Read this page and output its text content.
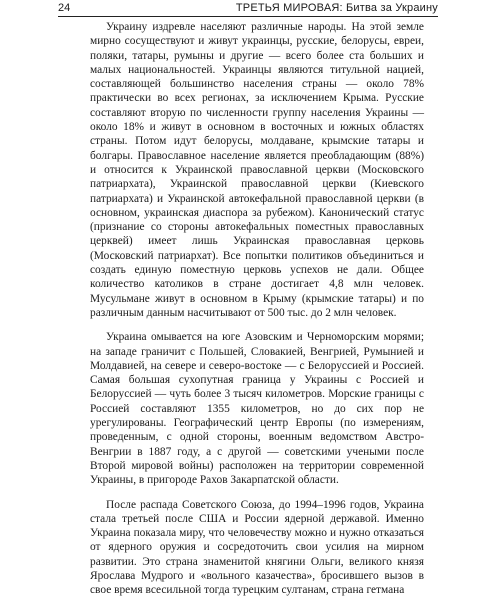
24	ТРЕТЬЯ МИРОВАЯ: Битва за Украину

Украину издревле населяют различные народы. На этой земле мирно сосуществуют и живут украинцы, русские, белорусы, евреи, поляки, татары, румыны и другие — всего более ста больших и малых национальностей. Украинцы являются титульной нацией, составляющей большинство населения страны — около 78% практически во всех регионах, за исключением Крыма. Русские составляют вторую по численности группу населения Украины — около 18% и живут в основном в восточных и южных областях страны. Потом идут белорусы, молдаване, крымские татары и болгары. Православное население является преобладающим (88%) и относится к Украинской православной церкви (Московского патриархата), Украинской православной церкви (Киевского патриархата) и Украинской автокефальной православной церкви (в основном, украинская диаспора за рубежом). Канонический статус (признание со стороны автокефальных поместных православных церквей) имеет лишь Украинская православная церковь (Московский патриархат). Все попытки политиков объединиться и создать единую поместную церковь успехов не дали. Общее количество католиков в стране достигает 4,8 млн человек. Мусульмане живут в основном в Крыму (крымские татары) и по различным данным насчитывают от 500 тыс. до 2 млн человек.

Украина омывается на юге Азовским и Черноморским морями; на западе граничит с Польшей, Словакией, Венгрией, Румынией и Молдавией, на севере и северо-востоке — с Белоруссией и Россией. Самая большая сухопутная граница у Украины с Россией и Белоруссией — чуть более 3 тысяч километров. Морские границы с Россией составляют 1355 километров, но до сих пор не урегулированы. Географический центр Европы (по измерениям, проведенным, с одной стороны, военным ведомством Австро-Венгрии в 1887 году, а с другой — советскими учеными после Второй мировой войны) расположен на территории современной Украины, в пригороде Рахов Закарпатской области.

После распада Советского Союза, до 1994–1996 годов, Украина стала третьей после США и России ядерной державой. Именно Украина показала миру, что человечеству можно и нужно отказаться от ядерного оружия и сосредоточить свои усилия на мирном развитии. Это страна знаменитой княгини Ольги, великого князя Ярослава Мудрого и «вольного казачества», бросившего вызов в свое время всесильной тогда турецким султанам, страна гетмана
